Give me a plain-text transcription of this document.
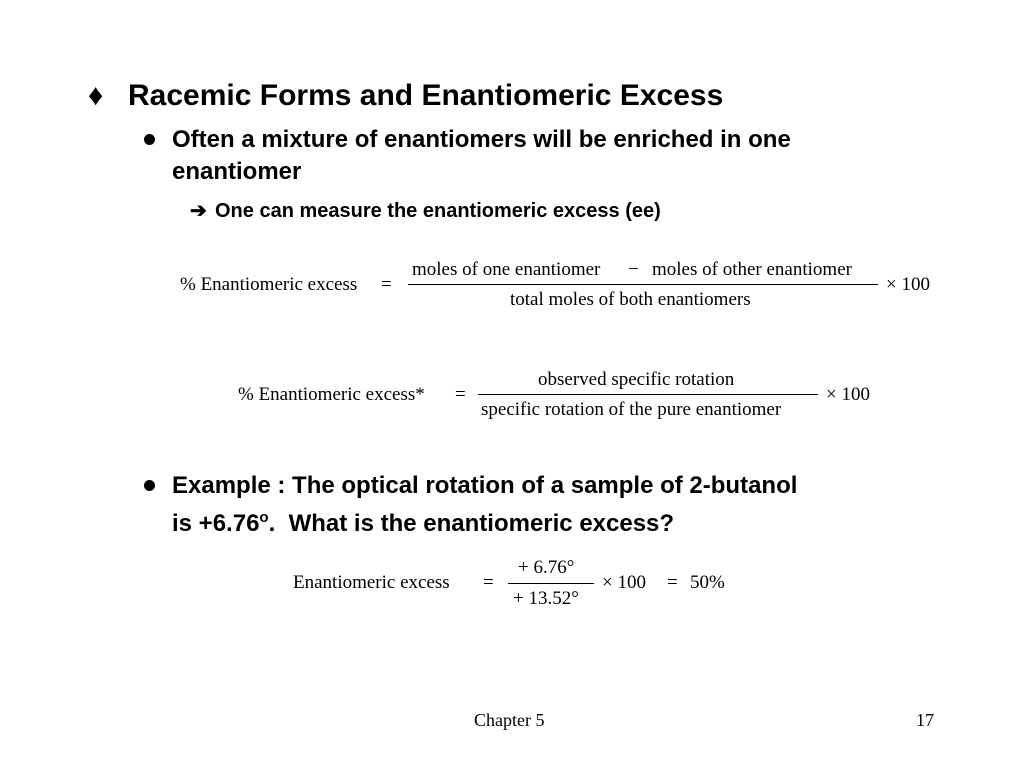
♦ Racemic Forms and Enantiomeric Excess
Often a mixture of enantiomers will be enriched in one
enantiomer
➔ One can measure the enantiomeric excess (ee)
% Enantiomeric excess =
moles of one enantiomer − moles of other enantiomer
total moles of both enantiomers
× 100
% Enantiomeric excess* =
observed specific rotation
specific rotation of the pure enantiomer
× 100
Example : The optical rotation of a sample of 2-butanol
is $+6.76^o$.  What is the enantiomeric excess?
Enantiomeric excess =
+ 6.76°
+ 13.52°
× 100 = 50%
Chapter 5	17
